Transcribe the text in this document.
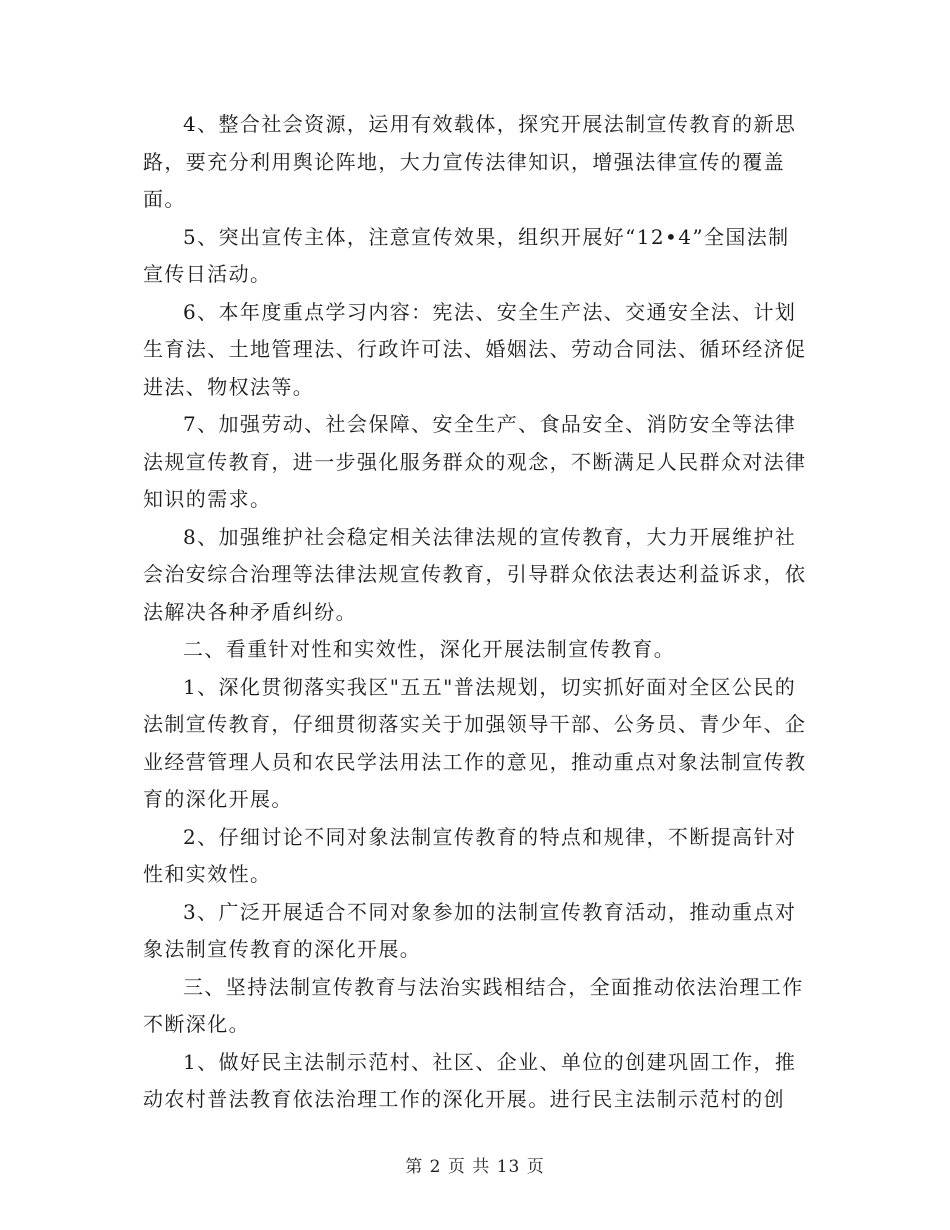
4、整合社会资源，运用有效载体，探究开展法制宣传教育的新思路，要充分利用舆论阵地，大力宣传法律知识，增强法律宣传的覆盖面。

5、突出宣传主体，注意宣传效果，组织开展好“12•4”全国法制宣传日活动。

6、本年度重点学习内容：宪法、安全生产法、交通安全法、计划生育法、土地管理法、行政许可法、婚姻法、劳动合同法、循环经济促进法、物权法等。

7、加强劳动、社会保障、安全生产、食品安全、消防安全等法律法规宣传教育，进一步强化服务群众的观念，不断满足人民群众对法律知识的需求。

8、加强维护社会稳定相关法律法规的宣传教育，大力开展维护社会治安综合治理等法律法规宣传教育，引导群众依法表达利益诉求，依法解决各种矛盾纠纷。

二、看重针对性和实效性，深化开展法制宣传教育。

1、深化贯彻落实我区"五五"普法规划，切实抓好面对全区公民的法制宣传教育，仔细贯彻落实关于加强领导干部、公务员、青少年、企业经营管理人员和农民学法用法工作的意见，推动重点对象法制宣传教育的深化开展。

2、仔细讨论不同对象法制宣传教育的特点和规律，不断提高针对性和实效性。

3、广泛开展适合不同对象参加的法制宣传教育活动，推动重点对象法制宣传教育的深化开展。

三、坚持法制宣传教育与法治实践相结合，全面推动依法治理工作不断深化。

1、做好民主法制示范村、社区、企业、单位的创建巩固工作，推动农村普法教育依法治理工作的深化开展。进行民主法制示范村的创

第 2 页 共 13 页
